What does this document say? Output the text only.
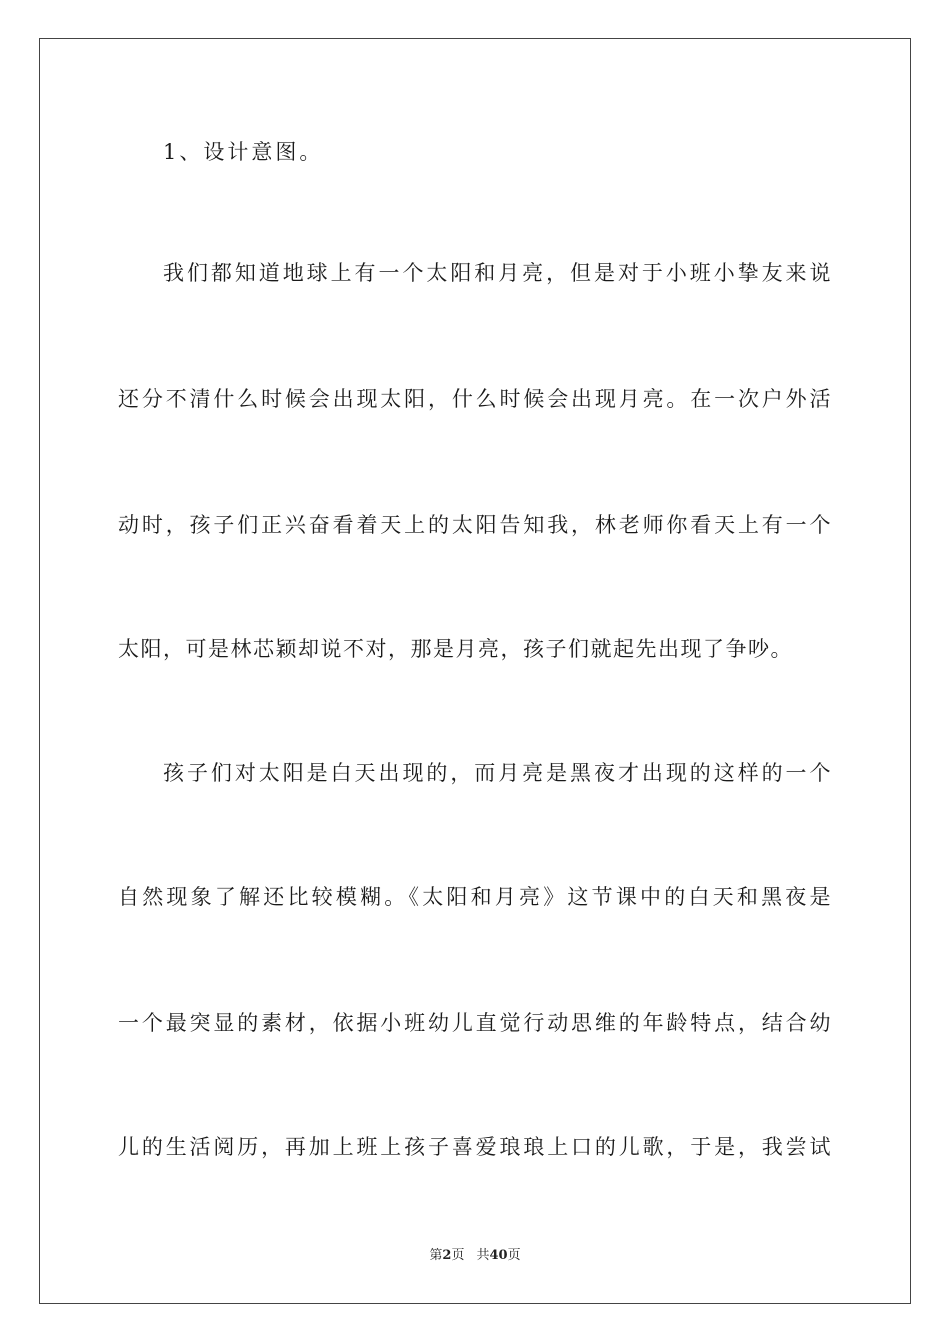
1、设计意图。
我们都知道地球上有一个太阳和月亮，但是对于小班小挚友来说
还分不清什么时候会出现太阳，什么时候会出现月亮。在一次户外活
动时，孩子们正兴奋看着天上的太阳告知我，林老师你看天上有一个
太阳，可是林芯颖却说不对，那是月亮，孩子们就起先出现了争吵。
孩子们对太阳是白天出现的，而月亮是黑夜才出现的这样的一个
自然现象了解还比较模糊。《太阳和月亮》这节课中的白天和黑夜是
一个最突显的素材，依据小班幼儿直觉行动思维的年龄特点，结合幼
儿的生活阅历，再加上班上孩子喜爱琅琅上口的儿歌，于是，我尝试
第2页 共40页
